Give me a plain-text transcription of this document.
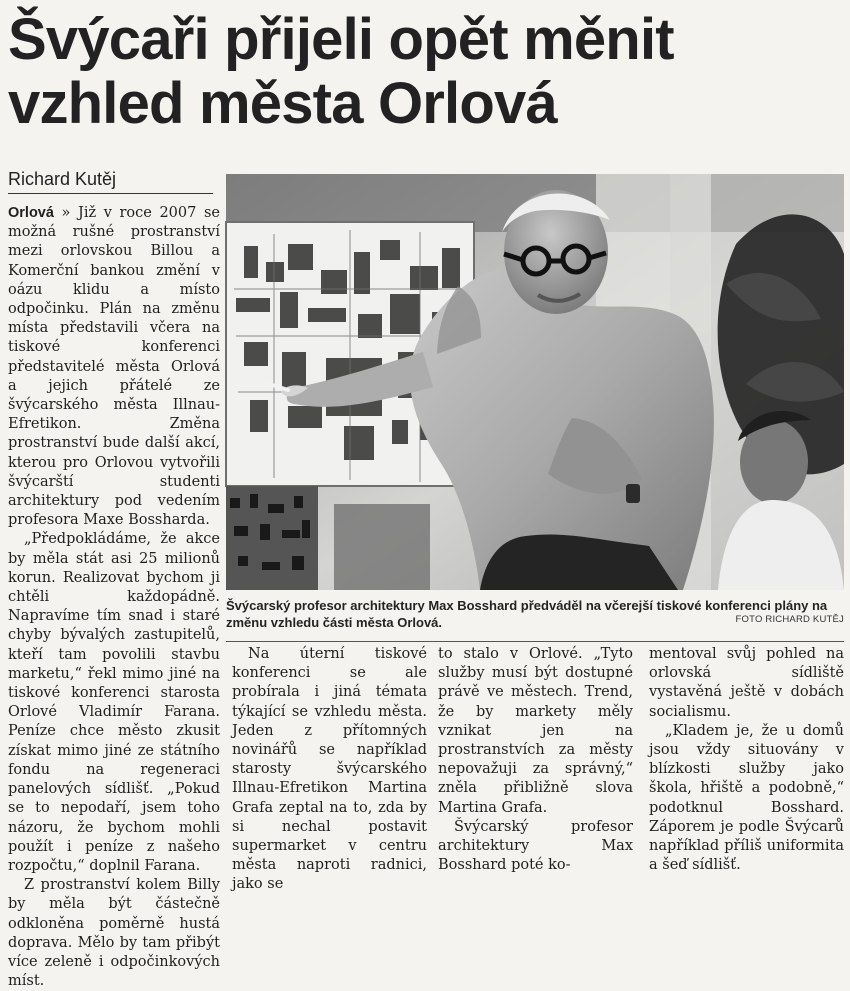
Švýcaři přijeli opět měnit vzhled města Orlová
Richard Kutěj

Orlová » Již v roce 2007 se možná rušné prostranství mezi orlovskou Billou a Komerční bankou změní v oázu klidu a místo odpočinku. Plán na změnu místa představili včera na tiskové konferenci představitelé města Orlová a jejich přátelé ze švýcarského města Illnau-Efretikon. Změna prostranství bude další akcí, kterou pro Orlovou vytvořili švýcarští studenti architektury pod vedením profesora Maxe Bossharda.

„Předpokládáme, že akce by měla stát asi 25 milionů korun. Realizovat bychom ji chtěli každopádně. Napravíme tím snad i staré chyby bývalých zastupitelů, kteří tam povolili stavbu marketu,“ řekl mimo jiné na tiskové konferenci starosta Orlové Vladimír Farana. Peníze chce město zkusit získat mimo jiné ze státního fondu na regeneraci panelových sídlišť. „Pokud se to nepodaří, jsem toho názoru, že bychom mohli použít i peníze z našeho rozpočtu,“ doplnil Farana.

Z prostranství kolem Billy by měla být částečně odkloněna poměrně hustá doprava. Mělo by tam přibýt více zeleně i odpočinkových míst.

Švýcarský profesor architektury Max Bosshard předváděl na včerejší tiskové konferenci plány na změnu vzhledu části města Orlová.	FOTO RICHARD KUTĚJ

Na úterní tiskové konferenci se ale probírala i jiná témata týkající se vzhledu města. Jeden z přítomných novinářů se například starosty švýcarského Illnau-Efretikon Martina Grafa zeptal na to, zda by si nechal postavit supermarket v centru města naproti radnici, jako se

to stalo v Orlové. „Tyto služby musí být dostupné právě ve městech. Trend, že by markety měly vznikat jen na prostranstvích za městy nepovažuji za správný,“ zněla přibližně slova Martina Grafa.

Švýcarský profesor architektury Max Bosshard poté ko-

mentoval svůj pohled na orlovská sídliště vystavěná ještě v dobách socialismu.

„Kladem je, že u domů jsou vždy situovány v blízkosti služby jako škola, hřiště a podobně,“ podotknul Bosshard. Záporem je podle Švýcarů například příliš uniformita a šeď sídlišť.
